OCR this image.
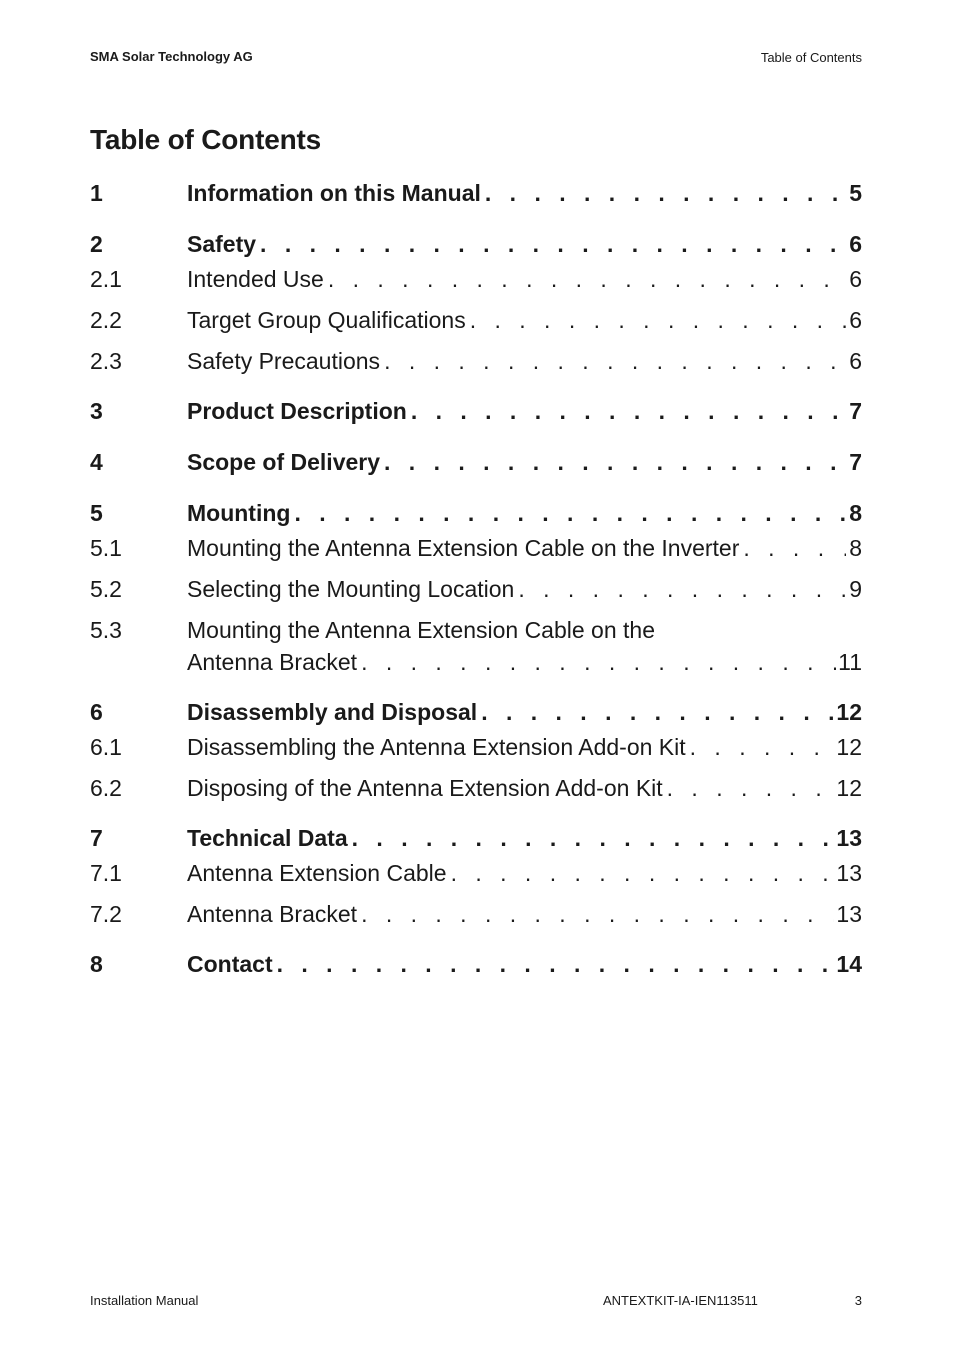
SMA Solar Technology AG	Table of Contents
Table of Contents
1	Information on this Manual . . .	5
2	Safety . . .	6
2.1	Intended Use . . .	6
2.2	Target Group Qualifications . . .	6
2.3	Safety Precautions . . .	6
3	Product Description . . .	7
4	Scope of Delivery . . .	7
5	Mounting . . .	8
5.1	Mounting the Antenna Extension Cable on the Inverter . . .	8
5.2	Selecting the Mounting Location . . .	9
5.3	Mounting the Antenna Extension Cable on the
Antenna Bracket . . .	11
6	Disassembly and Disposal . . .	12
6.1	Disassembling the Antenna Extension Add-on Kit . . .	12
6.2	Disposing of the Antenna Extension Add-on Kit . . .	12
7	Technical Data . . .	13
7.1	Antenna Extension Cable . . .	13
7.2	Antenna Bracket . . .	13
8	Contact . . .	14
Installation Manual	ANTEXTKIT-IA-IEN113511	3
